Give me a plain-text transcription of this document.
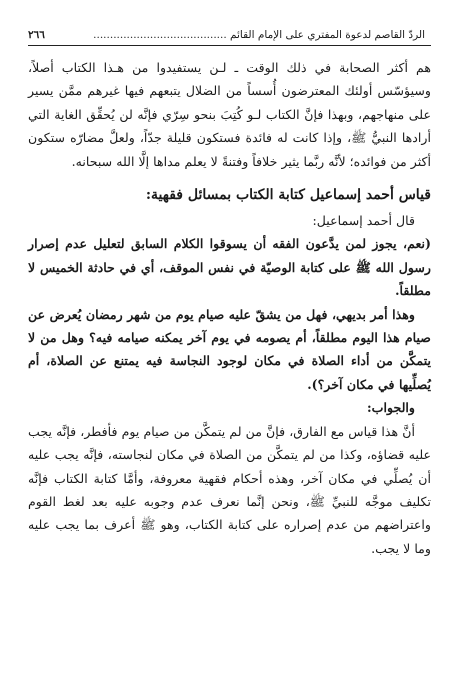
الردّ القاصم لدعوة المفتري على الإمام القائم ........................................
٢٦٦

هم أكثر الصحابة في ذلك الوقت ـ لـن يستفيدوا من هـذا الكتاب أصلاً، وسيؤسّس أولئك المعترضون أُسساً من الضلال يتبعهم فيها غيرهم ممَّن يسير على منهاجهم، وبهذا فإنَّ الكتاب لـو كُتِبَ بنحو سِرّي فإنَّه لن يُحقِّق الغاية التي أرادها النبيُّ ﷺ، وإذا كانت له فائدة فستكون قليلة جدّاً، ولعلَّ مضارّه ستكون أكثر من فوائده؛ لأنَّه ربَّما يثير خلافاً وفتنةً لا يعلم مداها إلَّا الله سبحانه.

قياس أحمد إسماعيل كتابة الكتاب بمسائل فقهية:

قال أحمد إسماعيل:

(نعم، يجوز لمن يدَّعون الفقه أن يسوقوا الكلام السابق لتعليل عدم إصرار رسول الله ﷺ على كتابة الوصيّة في نفس الموقف، أي في حادثة الخميس لا مطلقاً.

وهذا أمر بديهي، فهل من يشقّ عليه صيام يوم من شهر رمضان يُعرض عن صيام هذا اليوم مطلقاً، أم يصومه في يوم آخر يمكنه صيامه فيه؟ وهل من لا يتمكَّن من أداء الصلاة في مكان لوجود النجاسة فيه يمتنع عن الصلاة، أم يُصلِّيها في مكان آخر؟).

والجواب:

أنَّ هذا قياس مع الفارق، فإنَّ من لم يتمكَّن من صيام يوم فأفطر، فإنَّه يجب عليه قضاؤه، وكذا من لم يتمكَّن من الصلاة في مكان لنجاسته، فإنَّه يجب عليه أن يُصلِّي في مكان آخر، وهذه أحكام فقهية معروفة، وأمَّا كتابة الكتاب فإنَّه تكليف موجَّه للنبيِّ ﷺ، ونحن إنَّما نعرف عدم وجوبه عليه بعد لغط القوم واعتراضهم من عدم إصراره على كتابة الكتاب، وهو ﷺ أعرف بما يجب عليه وما لا يجب.
